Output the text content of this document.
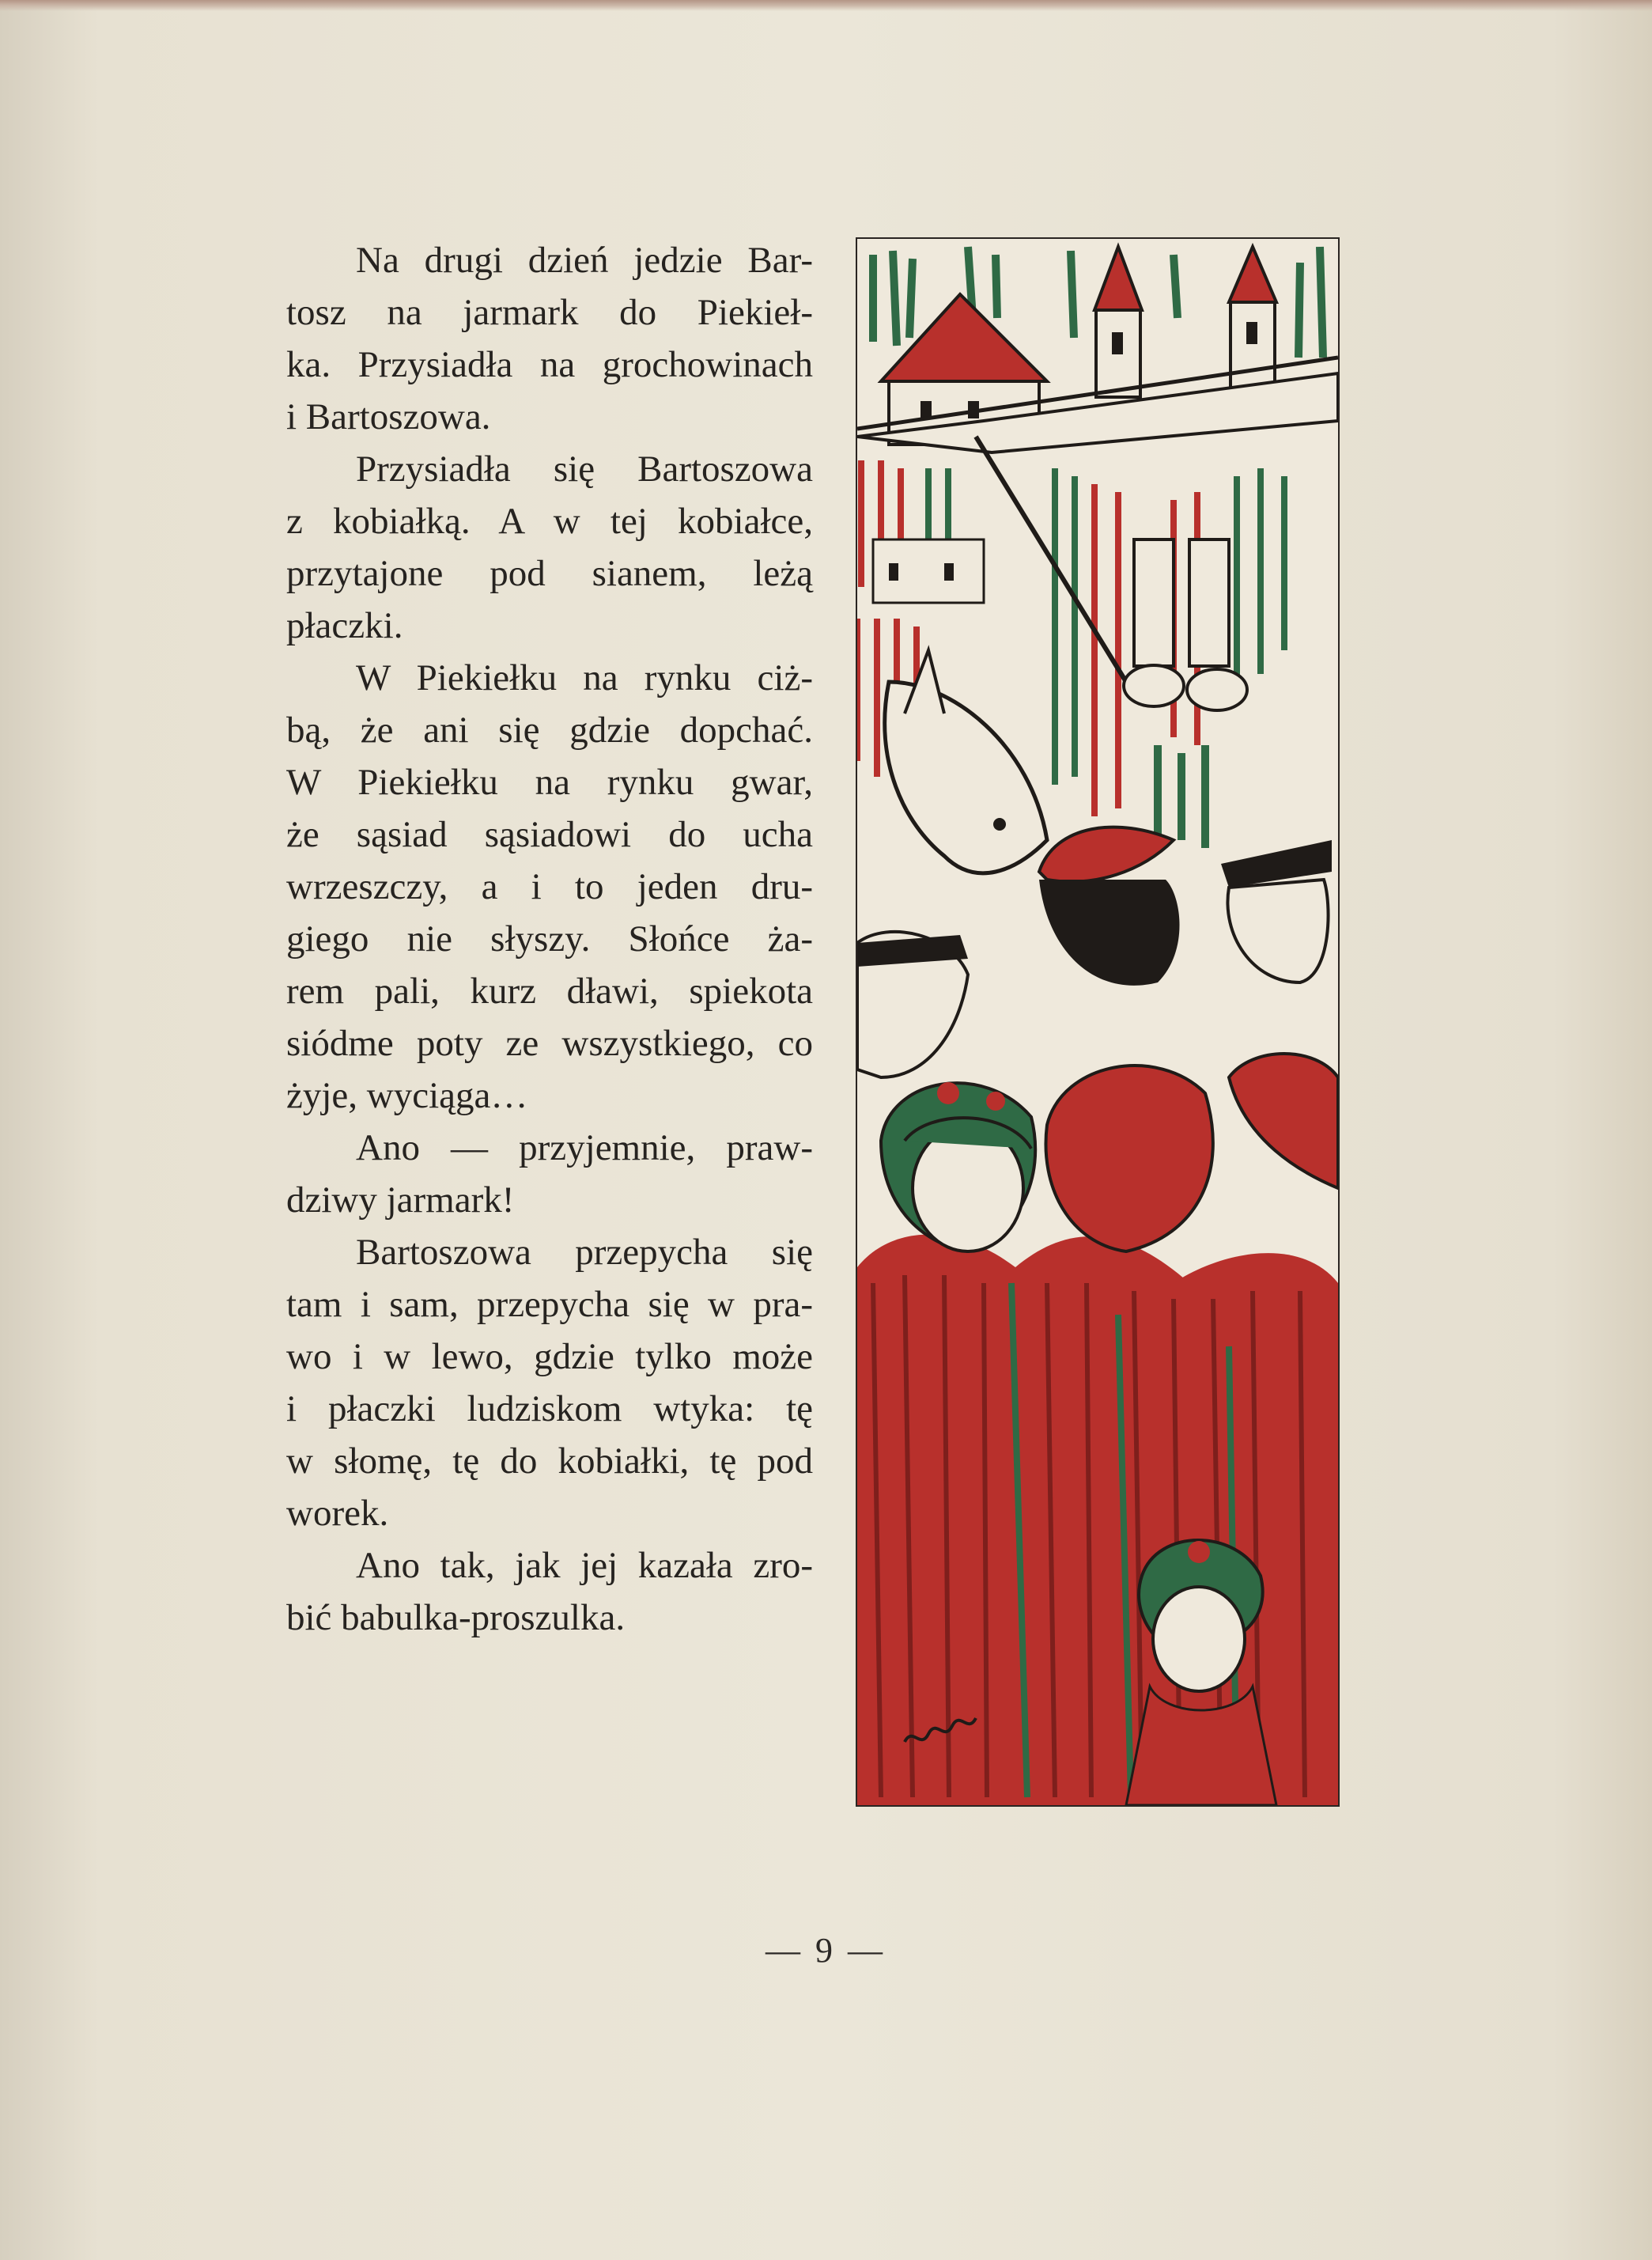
Na drugi dzień jedzie Bar-
tosz na jarmark do Piekieł-
ka. Przysiadła na grochowinach
i Bartoszowa.
Przysiadła się Bartoszowa
z kobiałką. A w tej kobiałce,
przytajone pod sianem, leżą
płaczki.
W Piekiełku na rynku ciż-
bą, że ani się gdzie dopchać.
W Piekiełku na rynku gwar,
że sąsiad sąsiadowi do ucha
wrzeszczy, a i to jeden dru-
giego nie słyszy. Słońce ża-
rem pali, kurz dławi, spiekota
siódme poty ze wszystkiego, co
żyje, wyciąga…
Ano — przyjemnie, praw-
dziwy jarmark!
Bartoszowa przepycha się
tam i sam, przepycha się w pra-
wo i w lewo, gdzie tylko może
i płaczki ludziskom wtyka: tę
w słomę, tę do kobiałki, tę pod
worek.
Ano tak, jak jej kazała zro-
bić babulka-proszulka.
— 9 —
